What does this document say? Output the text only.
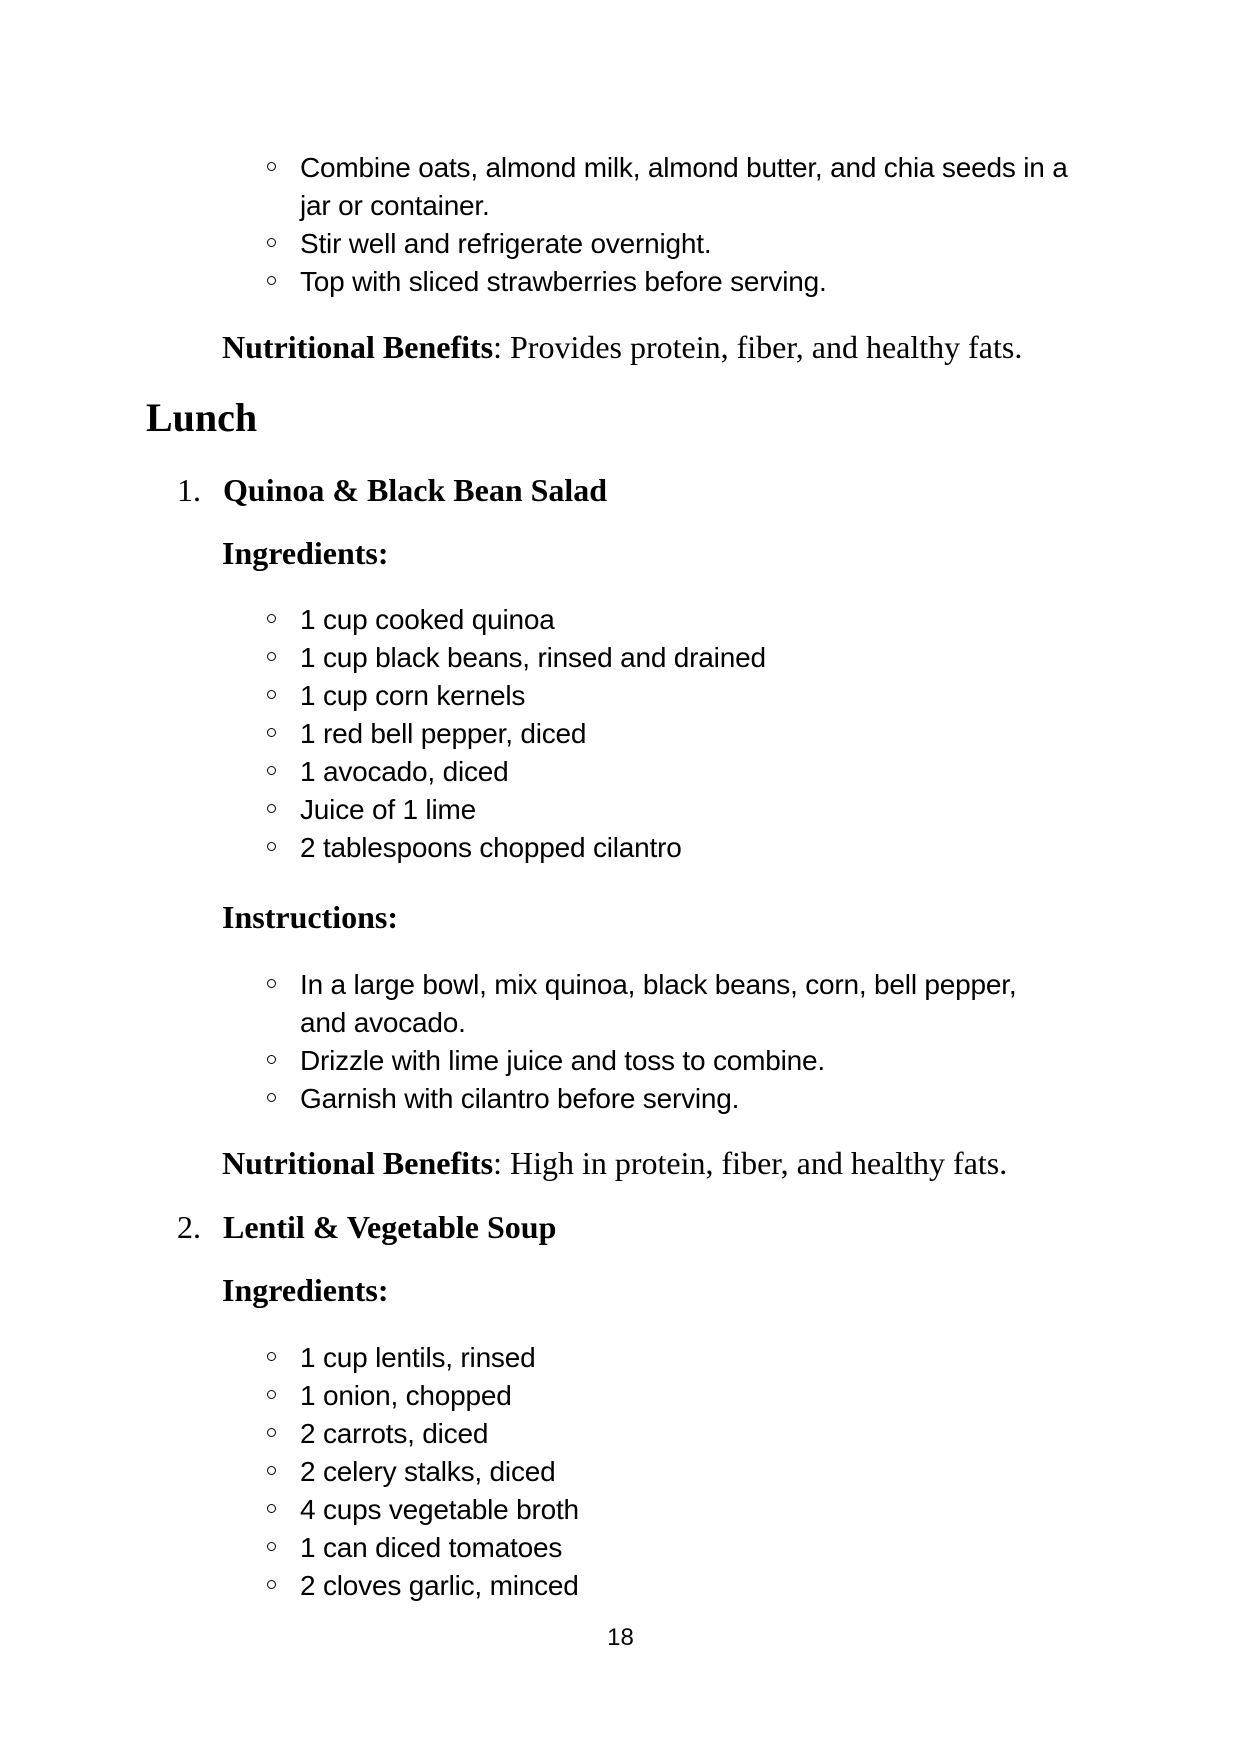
Combine oats, almond milk, almond butter, and chia seeds in a jar or container.
Stir well and refrigerate overnight.
Top with sliced strawberries before serving.
Nutritional Benefits: Provides protein, fiber, and healthy fats.
Lunch
1. Quinoa & Black Bean Salad
Ingredients:
1 cup cooked quinoa
1 cup black beans, rinsed and drained
1 cup corn kernels
1 red bell pepper, diced
1 avocado, diced
Juice of 1 lime
2 tablespoons chopped cilantro
Instructions:
In a large bowl, mix quinoa, black beans, corn, bell pepper, and avocado.
Drizzle with lime juice and toss to combine.
Garnish with cilantro before serving.
Nutritional Benefits: High in protein, fiber, and healthy fats.
2. Lentil & Vegetable Soup
Ingredients:
1 cup lentils, rinsed
1 onion, chopped
2 carrots, diced
2 celery stalks, diced
4 cups vegetable broth
1 can diced tomatoes
2 cloves garlic, minced
18
